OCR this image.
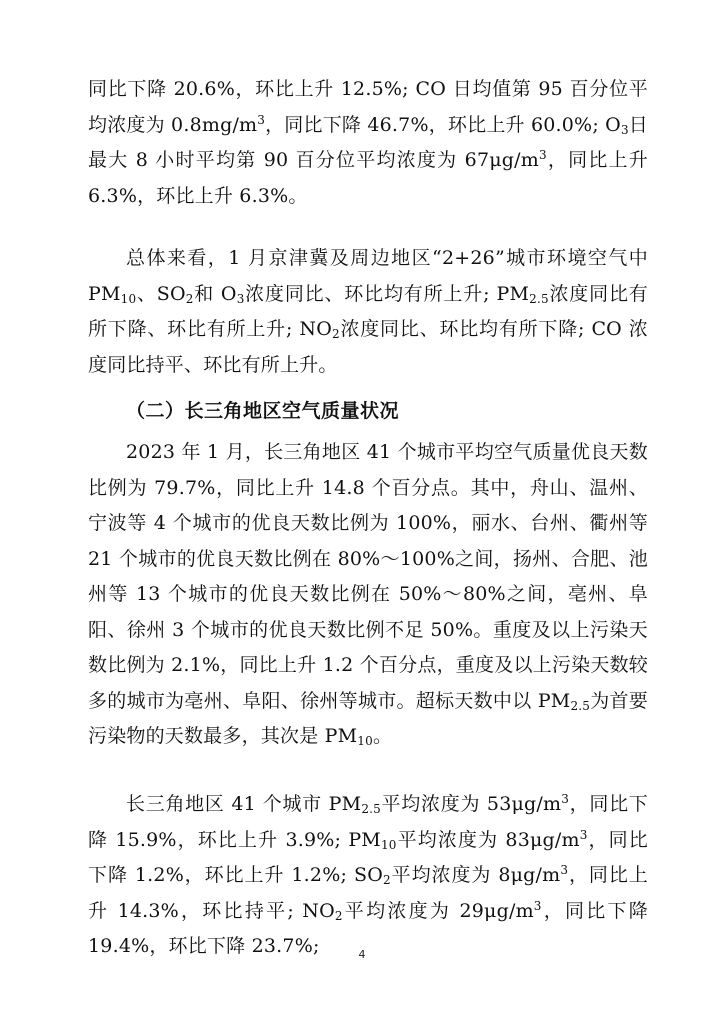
同比下降 20.6%，环比上升 12.5%; CO 日均值第 95 百分位平均浓度为 $0.8mg/m^3$，同比下降 46.7%，环比上升 60.0%; $O_3$日最大 8 小时平均第 90 百分位平均浓度为 $67\mu g/m^3$，同比上升 6.3%，环比上升 6.3%。

总体来看，1 月京津冀及周边地区“2+26”城市环境空气中 $PM_{10}$、$SO_2$和 $O_3$浓度同比、环比均有所上升; $PM_{2.5}$浓度同比有所下降、环比有所上升; $NO_2$浓度同比、环比均有所下降; CO 浓度同比持平、环比有所上升。

（二）长三角地区空气质量状况

2023 年 1 月，长三角地区 41 个城市平均空气质量优良天数比例为 79.7%，同比上升 14.8 个百分点。其中，舟山、温州、宁波等 4 个城市的优良天数比例为 100%，丽水、台州、衢州等 21 个城市的优良天数比例在 80%～100%之间，扬州、合肥、池州等 13 个城市的优良天数比例在 50%～80%之间，亳州、阜阳、徐州 3 个城市的优良天数比例不足 50%。重度及以上污染天数比例为 2.1%，同比上升 1.2 个百分点，重度及以上污染天数较多的城市为亳州、阜阳、徐州等城市。超标天数中以 $PM_{2.5}$为首要污染物的天数最多，其次是 $PM_{10}$。

长三角地区 41 个城市 $PM_{2.5}$平均浓度为 $53\mu g/m^3$，同比下降 15.9%，环比上升 3.9%; $PM_{10}$平均浓度为 $83\mu g/m^3$，同比下降 1.2%，环比上升 1.2%; $SO_2$平均浓度为 $8\mu g/m^3$，同比上升 14.3%，环比持平; $NO_2$平均浓度为 $29\mu g/m^3$，同比下降 19.4%，环比下降 23.7%;	4
